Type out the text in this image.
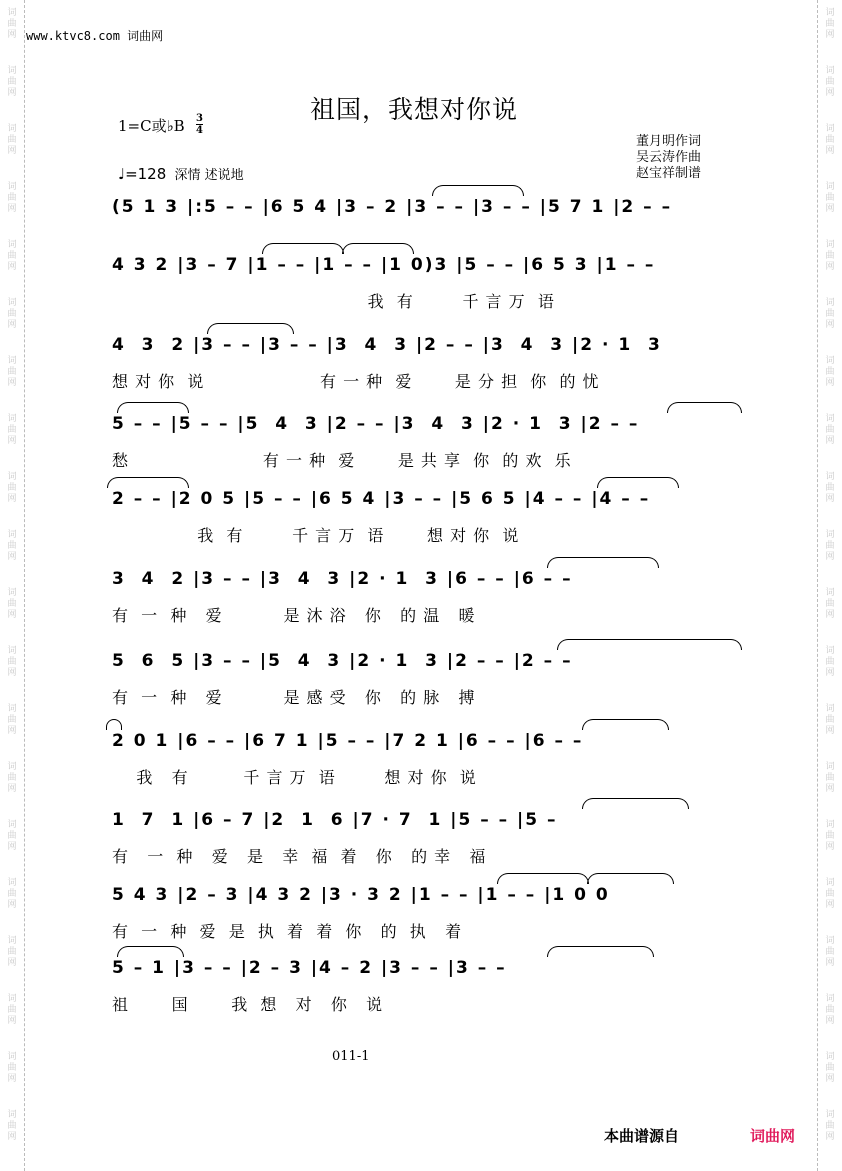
词
曲
网
词
曲
网
词
曲
网
词
曲
网
词
曲
网
词
曲
网
词
曲
网
词
曲
网
词
曲
网
词
曲
网
词
曲
网
词
曲
网
词
曲
网
词
曲
网
词
曲
网
词
曲
网
词
曲
网
词
曲
网
词
曲
网
词
曲
网
词
曲
网
词
曲
网
词
曲
网
词
曲
网
词
曲
网
词
曲
网
词
曲
网
词
曲
网
词
曲
网
词
曲
网
词
曲
网
词
曲
网
词
曲
网
词
曲
网
词
曲
网
词
曲
网
词
曲
网
词
曲
网
词
曲
网
词
曲
网
www.ktvc8.com 词曲网
祖国，我想对你说
1=C或♭B 3
4
董月明作词
吴云涛作曲
赵宝祥制谱
♩=128 深情 述说地
(5 1 3 |:5 – – |6 5 4 |3 – 2 |3 – – |3 – – |5 7 1 |2 – –
4 3 2 |3 – 7 |1 – – |1 – – |1 0)3 |5 – – |6 5 3 |1 – –
我  有        千 言 万  语
4  3  2 |3 – – |3 – – |3  4  3 |2 – – |3  4  3 |2 · 1  3
想 对 你  说                   有 一 种  爱       是 分 担  你  的 忧
5 – – |5 – – |5  4  3 |2 – – |3  4  3 |2 · 1  3 |2 – –
愁                      有 一 种  爱       是 共 享  你  的 欢  乐
2 – – |2 0 5 |5 – – |6 5 4 |3 – – |5 6 5 |4 – – |4 – –
我  有        千 言 万  语       想 对 你  说
3  4  2 |3 – – |3  4  3 |2 · 1  3 |6 – – |6 – –
有  一  种   爱          是 沐 浴   你   的 温   暖
5  6  5 |3 – – |5  4  3 |2 · 1  3 |2 – – |2 – –
有  一  种   爱          是 感 受   你   的 脉   搏
2 0 1 |6 – – |6 7 1 |5 – – |7 2 1 |6 – – |6 – –
我   有         千 言 万  语        想 对 你  说
1  7  1 |6 – 7 |2  1  6 |7 · 7  1 |5 – – |5 –
有   一  种   爱   是   幸  福  着   你   的 幸   福
5 4 3 |2 – 3 |4 3 2 |3 · 3 2 |1 – – |1 – – |1 0 0
有  一  种  爱  是  执  着  着  你   的  执   着
5 – 1 |3 – – |2 – 3 |4 – 2 |3 – – |3 – –
祖       国       我  想   对   你   说
011-1
本曲谱源自	词曲网
